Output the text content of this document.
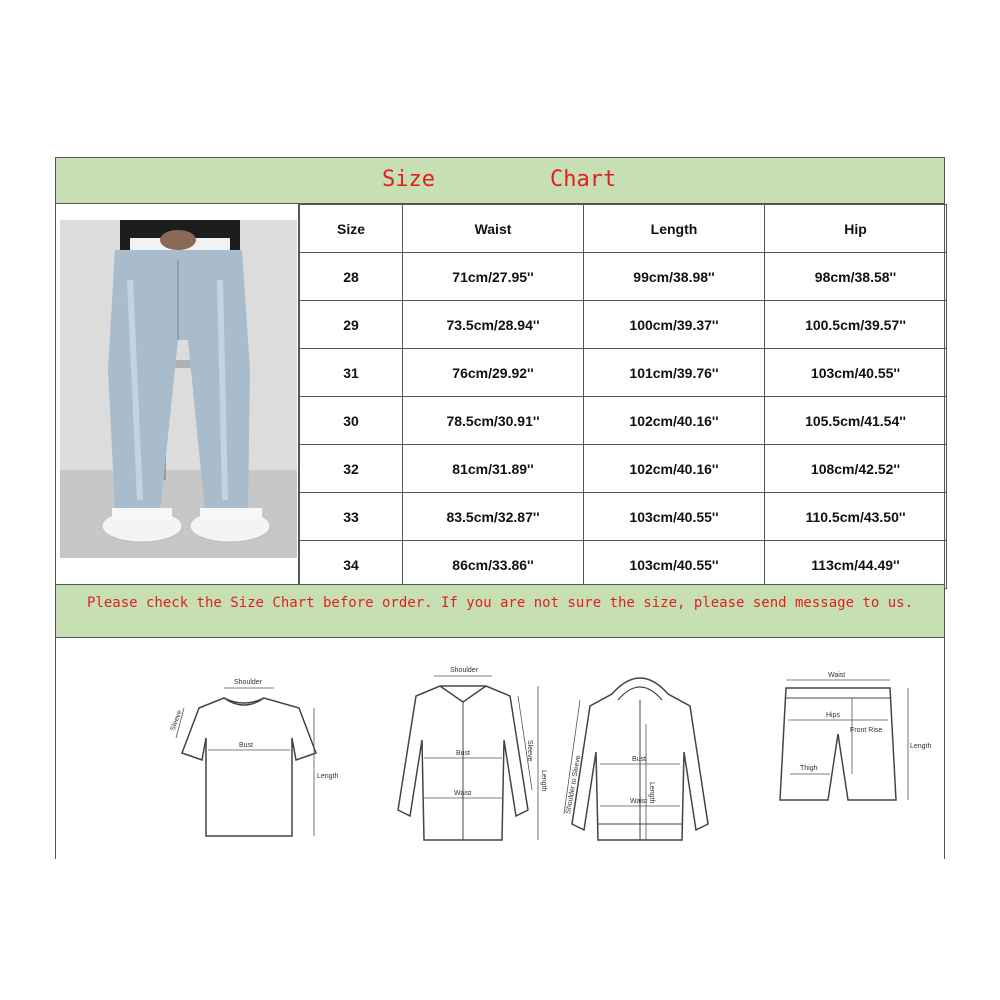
Size	Chart
Size	Waist	Length	Hip
28	71cm/27.95''	99cm/38.98''	98cm/38.58''
29	73.5cm/28.94''	100cm/39.37''	100.5cm/39.57''
31	76cm/29.92''	101cm/39.76''	103cm/40.55''
30	78.5cm/30.91''	102cm/40.16''	105.5cm/41.54''
32	81cm/31.89''	102cm/40.16''	108cm/42.52''
33	83.5cm/32.87''	103cm/40.55''	110.5cm/43.50''
34	86cm/33.86''	103cm/40.55''	113cm/44.49''
Please check the Size Chart before order. If you are not sure the size, please send message to us.
Shoulder
Bust
Length
Sleeve
Shoulder
Bust
Waist
Length
Sleeve	Bust
Length
Waist
Shoulder to Sleeve
Waist
Hips
Front Rise
Thigh
Length
